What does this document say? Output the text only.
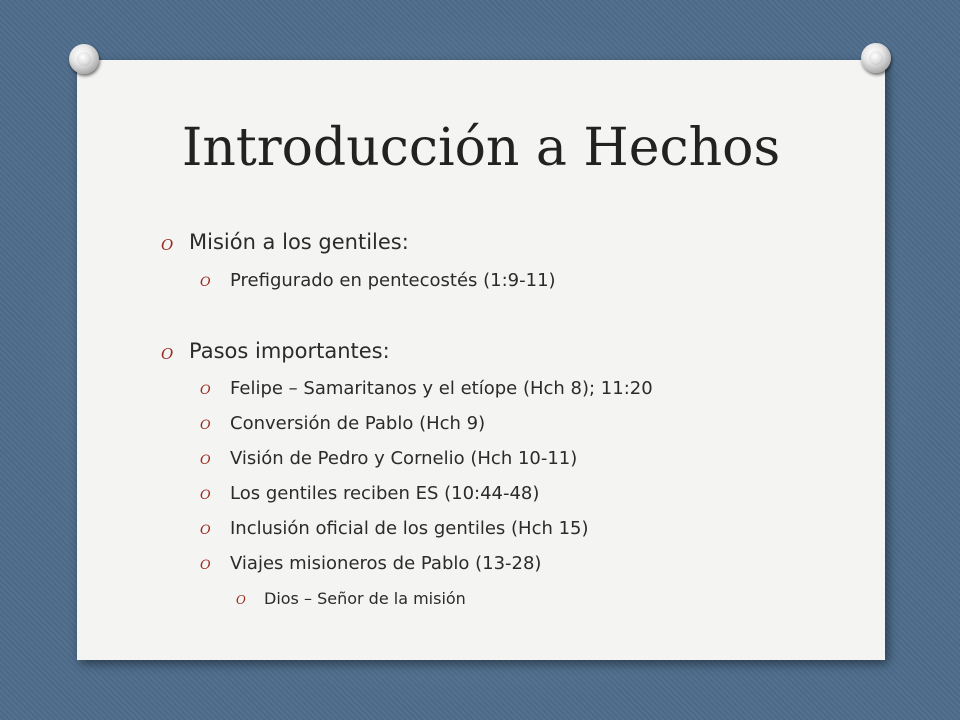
Introducción a Hechos
O Misión a los gentiles:
O Prefigurado en pentecostés (1:9-11)
O Pasos importantes:
O Felipe – Samaritanos y el etíope (Hch 8); 11:20
O Conversión de Pablo (Hch 9)
O Visión de Pedro y Cornelio (Hch 10-11)
O Los gentiles reciben ES (10:44-48)
O Inclusión oficial de los gentiles (Hch 15)
O Viajes misioneros de Pablo (13-28)
O Dios – Señor de la misión
